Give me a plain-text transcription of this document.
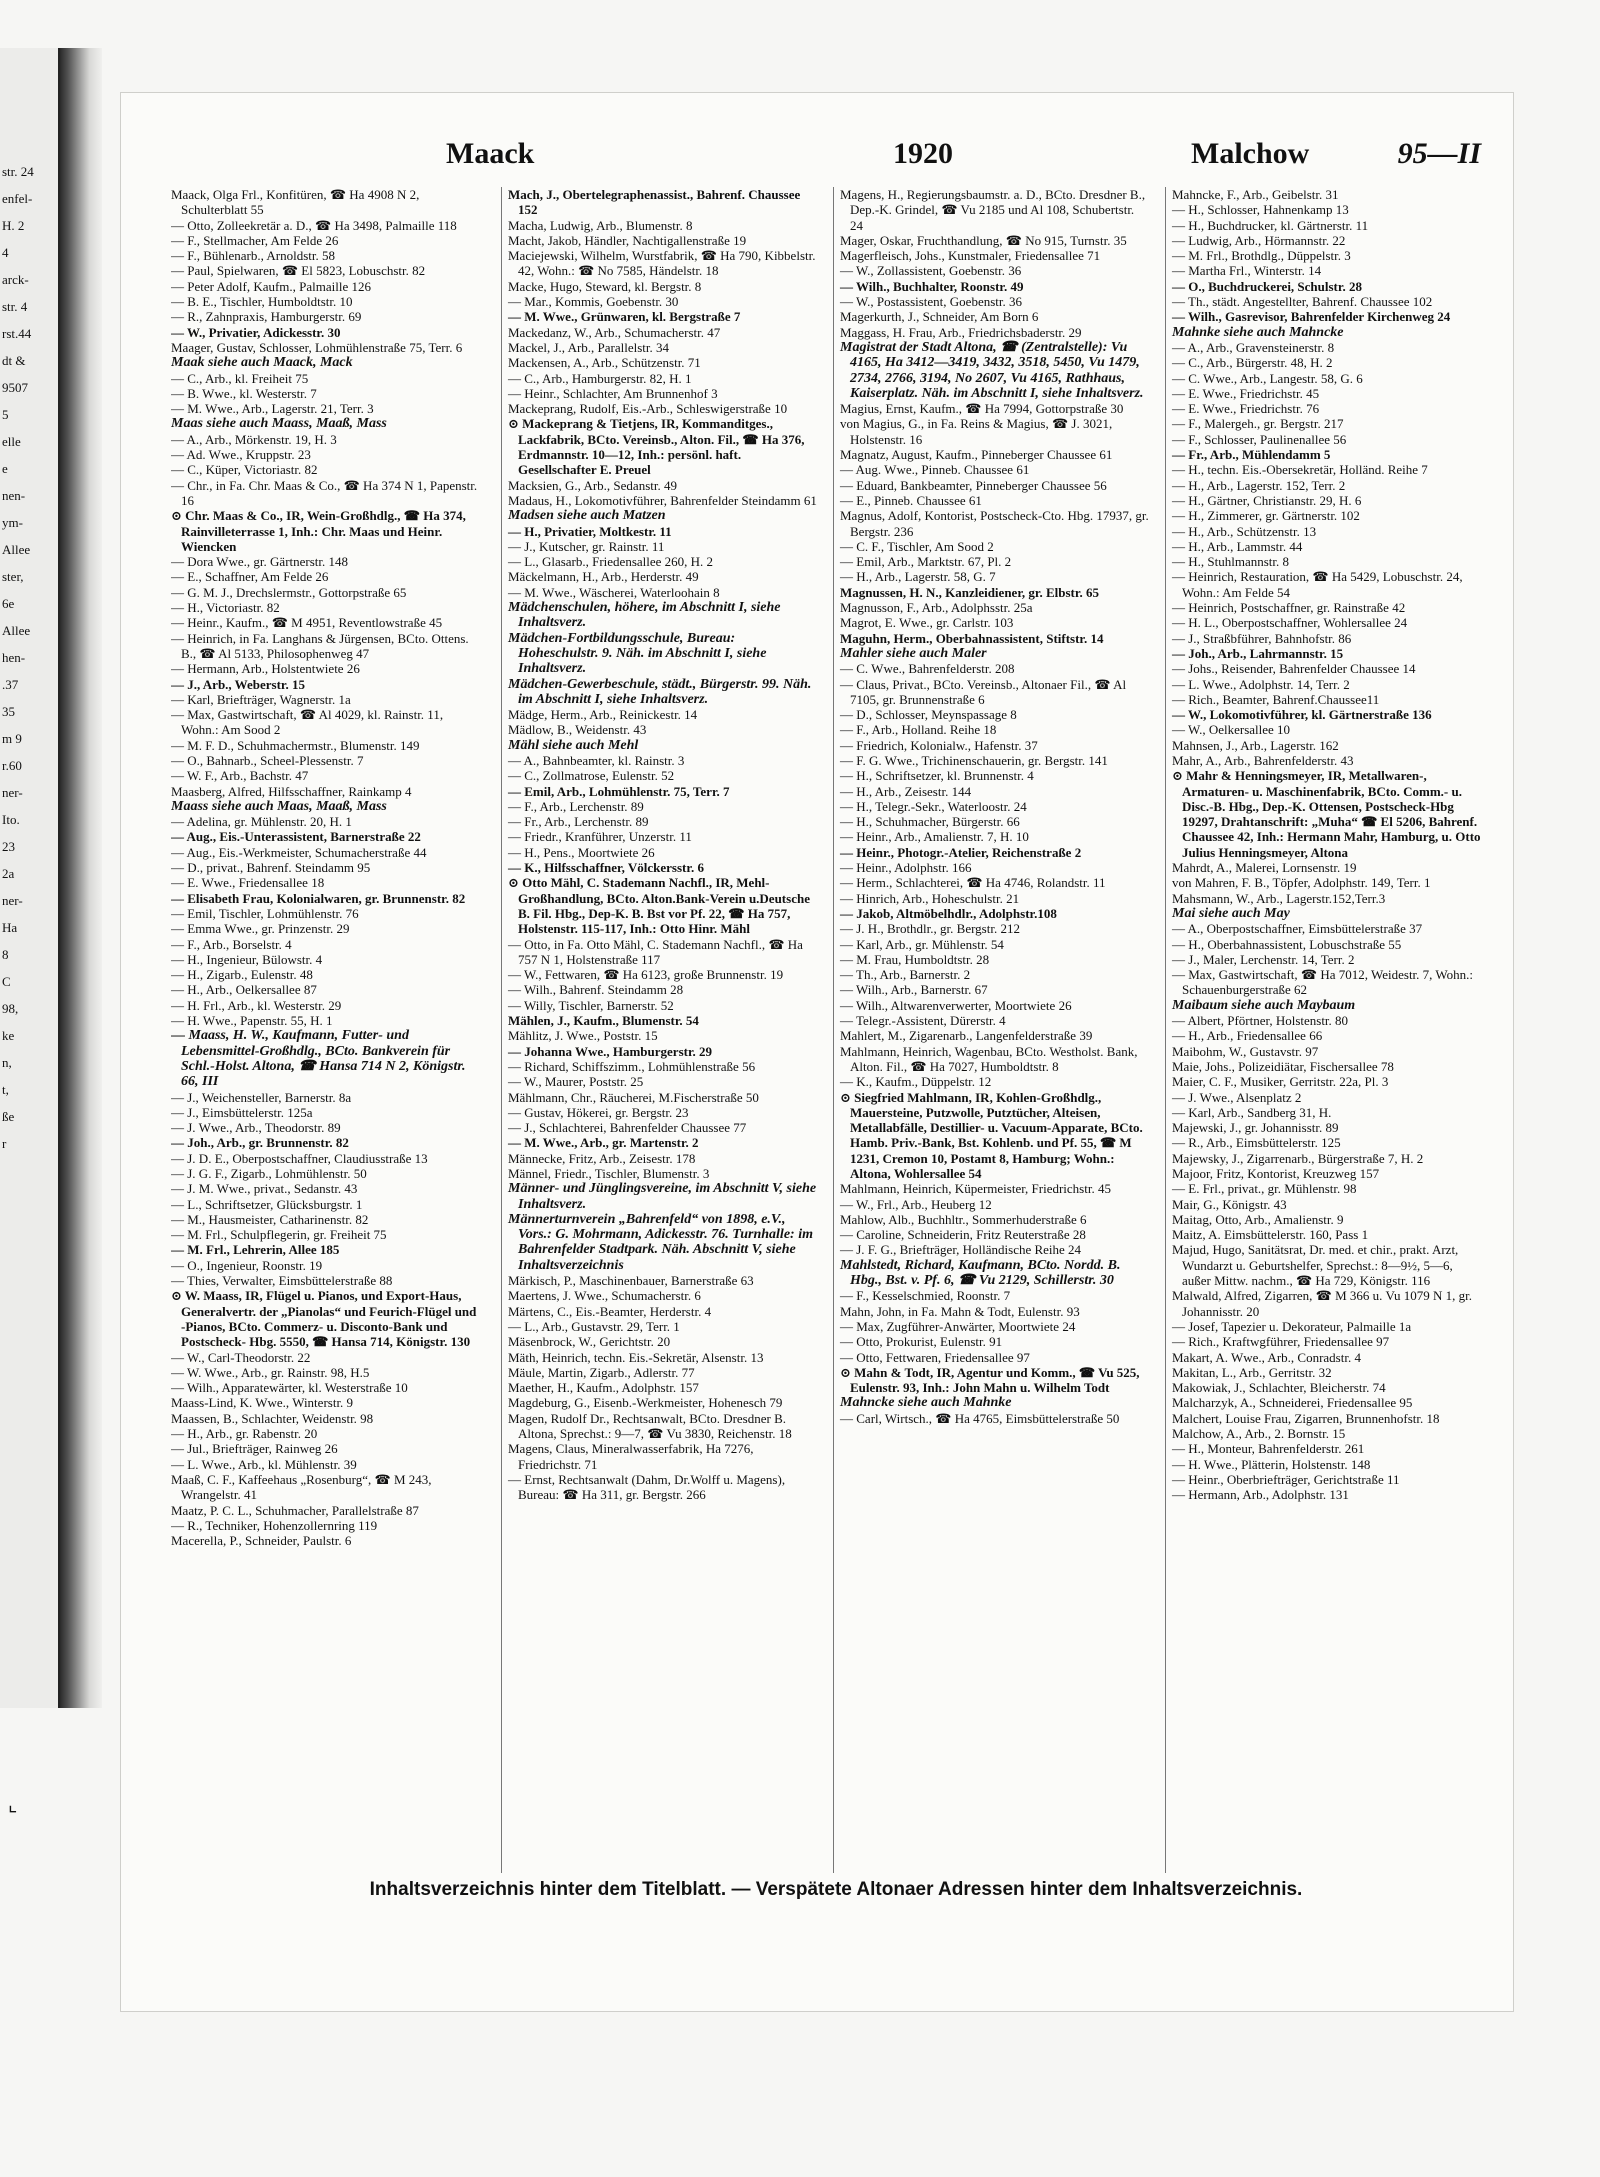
str. 24
enfel-
H. 2
4
arck-
str. 4
rst.44
dt &
9507
5
elle
e
nen-
ym-
Allee
ster,
6e
Allee
hen-
.37
35
m 9
r.60
ner-
Ito.
23
2a
ner-
Ha
8
C
98,
ke
n,
t,
ße
r
Maack	1920	Malchow	95—II

Maack, Olga Frl., Konfitüren, ☎ Ha 4908 N 2, Schulterblatt 55

— Otto, Zolleekretär a. D., ☎ Ha 3498, Palmaille 118

— F., Stellmacher, Am Felde 26

— F., Bühlenarb., Arnoldstr. 58

— Paul, Spielwaren, ☎ El 5823, Lobuschstr. 82

— Peter Adolf, Kaufm., Palmaille 126

— B. E., Tischler, Humboldtstr. 10

— R., Zahnpraxis, Hamburgerstr. 69

— W., Privatier, Adickesstr. 30

Maager, Gustav, Schlosser, Lohmühlenstraße 75, Terr. 6

Maak siehe auch Maack, Mack

— C., Arb., kl. Freiheit 75

— B. Wwe., kl. Westerstr. 7

— M. Wwe., Arb., Lagerstr. 21, Terr. 3

Maas siehe auch Maass, Maaß, Mass

— A., Arb., Mörkenstr. 19, H. 3

— Ad. Wwe., Kruppstr. 23

— C., Küper, Victoriastr. 82

— Chr., in Fa. Chr. Maas & Co., ☎ Ha 374 N 1, Papenstr. 16

⊙ Chr. Maas & Co., IR, Wein-Großhdlg., ☎ Ha 374, Rainvilleterrasse 1, Inh.: Chr. Maas und Heinr. Wiencken

— Dora Wwe., gr. Gärtnerstr. 148

— E., Schaffner, Am Felde 26

— G. M. J., Drechslermstr., Gottorpstraße 65

— H., Victoriastr. 82

— Heinr., Kaufm., ☎ M 4951, Reventlowstraße 45

— Heinrich, in Fa. Langhans & Jürgensen, BCto. Ottens. B., ☎ Al 5133, Philosophenweg 47

— Hermann, Arb., Holstentwiete 26

— J., Arb., Weberstr. 15

— Karl, Briefträger, Wagnerstr. 1a

— Max, Gastwirtschaft, ☎ Al 4029, kl. Rainstr. 11, Wohn.: Am Sood 2

— M. F. D., Schuhmachermstr., Blumenstr. 149

— O., Bahnarb., Scheel-Plessenstr. 7

— W. F., Arb., Bachstr. 47

Maasberg, Alfred, Hilfsschaffner, Rainkamp 4

Maass siehe auch Maas, Maaß, Mass

— Adelina, gr. Mühlenstr. 20, H. 1

— Aug., Eis.-Unterassistent, Barnerstraße 22

— Aug., Eis.-Werkmeister, Schumacherstraße 44

— D., privat., Bahrenf. Steindamm 95

— E. Wwe., Friedensallee 18

— Elisabeth Frau, Kolonialwaren, gr. Brunnenstr. 82

— Emil, Tischler, Lohmühlenstr. 76

— Emma Wwe., gr. Prinzenstr. 29

— F., Arb., Borselstr. 4

— H., Ingenieur, Bülowstr. 4

— H., Zigarb., Eulenstr. 48

— H., Arb., Oelkersallee 87

— H. Frl., Arb., kl. Westerstr. 29

— H. Wwe., Papenstr. 55, H. 1

— Maass, H. W., Kaufmann, Futter- und Lebensmittel-Großhdlg., BCto. Bankverein für Schl.-Holst. Altona, ☎ Hansa 714 N 2, Königstr. 66, III

— J., Weichensteller, Barnerstr. 8a

— J., Eimsbüttelerstr. 125a

— J. Wwe., Arb., Theodorstr. 89

— Joh., Arb., gr. Brunnenstr. 82

— J. D. E., Oberpostschaffner, Claudiusstraße 13

— J. G. F., Zigarb., Lohmühlenstr. 50

— J. M. Wwe., privat., Sedanstr. 43

— L., Schriftsetzer, Glücksburgstr. 1

— M., Hausmeister, Catharinenstr. 82

— M. Frl., Schulpflegerin, gr. Freiheit 75

— M. Frl., Lehrerin, Allee 185

— O., Ingenieur, Roonstr. 19

— Thies, Verwalter, Eimsbüttelerstraße 88

⊙ W. Maass, IR, Flügel u. Pianos, und Export-Haus, Generalvertr. der „Pianolas“ und Feurich-Flügel und -Pianos, BCto. Commerz- u. Disconto-Bank und Postscheck- Hbg. 5550, ☎ Hansa 714, Königstr. 130

— W., Carl-Theodorstr. 22

— W. Wwe., Arb., gr. Rainstr. 98, H.5

— Wilh., Apparatewärter, kl. Westerstraße 10

Maass-Lind, K. Wwe., Winterstr. 9

Maassen, B., Schlachter, Weidenstr. 98

— H., Arb., gr. Rabenstr. 20

— Jul., Briefträger, Rainweg 26

— L. Wwe., Arb., kl. Mühlenstr. 39

Maaß, C. F., Kaffeehaus „Rosenburg“, ☎ M 243, Wrangelstr. 41

Maatz, P. C. L., Schuhmacher, Parallelstraße 87

— R., Techniker, Hohenzollernring 119

Macerella, P., Schneider, Paulstr. 6

Mach, J., Obertelegraphenassist., Bahrenf. Chaussee 152

Macha, Ludwig, Arb., Blumenstr. 8

Macht, Jakob, Händler, Nachtigallenstraße 19

Maciejewski, Wilhelm, Wurstfabrik, ☎ Ha 790, Kibbelstr. 42, Wohn.: ☎ No 7585, Händelstr. 18

Macke, Hugo, Steward, kl. Bergstr. 8

— Mar., Kommis, Goebenstr. 30

— M. Wwe., Grünwaren, kl. Bergstraße 7

Mackedanz, W., Arb., Schumacherstr. 47

Mackel, J., Arb., Parallelstr. 34

Mackensen, A., Arb., Schützenstr. 71

— C., Arb., Hamburgerstr. 82, H. 1

— Heinr., Schlachter, Am Brunnenhof 3

Mackeprang, Rudolf, Eis.-Arb., Schleswigerstraße 10

⊙ Mackeprang & Tietjens, IR, Kommanditges., Lackfabrik, BCto. Vereinsb., Alton. Fil., ☎ Ha 376, Erdmannstr. 10—12, Inh.: persönl. haft. Gesellschafter E. Preuel

Macksien, G., Arb., Sedanstr. 49

Madaus, H., Lokomotivführer, Bahrenfelder Steindamm 61

Madsen siehe auch Matzen

— H., Privatier, Moltkestr. 11

— J., Kutscher, gr. Rainstr. 11

— L., Glasarb., Friedensallee 260, H. 2

Mäckelmann, H., Arb., Herderstr. 49

— M. Wwe., Wäscherei, Waterloohain 8

Mädchenschulen, höhere, im Abschnitt I, siehe Inhaltsverz.

Mädchen-Fortbildungsschule, Bureau: Hoheschulstr. 9. Näh. im Abschnitt I, siehe Inhaltsverz.

Mädchen-Gewerbeschule, städt., Bürgerstr. 99. Näh. im Abschnitt I, siehe Inhaltsverz.

Mädge, Herm., Arb., Reinickestr. 14

Mädlow, B., Weidenstr. 43

Mähl siehe auch Mehl

— A., Bahnbeamter, kl. Rainstr. 3

— C., Zollmatrose, Eulenstr. 52

— Emil, Arb., Lohmühlenstr. 75, Terr. 7

— F., Arb., Lerchenstr. 89

— Fr., Arb., Lerchenstr. 89

— Friedr., Kranführer, Unzerstr. 11

— H., Pens., Moortwiete 26

— K., Hilfsschaffner, Völckersstr. 6

⊙ Otto Mähl, C. Stademann Nachfl., IR, Mehl-Großhandlung, BCto. Alton.Bank-Verein u.Deutsche B. Fil. Hbg., Dep-K. B. Bst vor Pf. 22, ☎ Ha 757, Holstenstr. 115-117, Inh.: Otto Hinr. Mähl

— Otto, in Fa. Otto Mähl, C. Stademann Nachfl., ☎ Ha 757 N 1, Holstenstraße 117

— W., Fettwaren, ☎ Ha 6123, große Brunnenstr. 19

— Wilh., Bahrenf. Steindamm 28

— Willy, Tischler, Barnerstr. 52

Mählen, J., Kaufm., Blumenstr. 54

Mählitz, J. Wwe., Poststr. 15

— Johanna Wwe., Hamburgerstr. 29

— Richard, Schiffszimm., Lohmühlenstraße 56

— W., Maurer, Poststr. 25

Mählmann, Chr., Räucherei, M.Fischerstraße 50

— Gustav, Hökerei, gr. Bergstr. 23

— J., Schlachterei, Bahrenfelder Chaussee 77

— M. Wwe., Arb., gr. Martenstr. 2

Männecke, Fritz, Arb., Zeisestr. 178

Männel, Friedr., Tischler, Blumenstr. 3

Männer- und Jünglingsvereine, im Abschnitt V, siehe Inhaltsverz.

Männerturnverein „Bahrenfeld“ von 1898, e.V., Vors.: G. Mohrmann, Adickesstr. 76. Turnhalle: im Bahrenfelder Stadtpark. Näh. Abschnitt V, siehe Inhaltsverzeichnis

Märkisch, P., Maschinenbauer, Barnerstraße 63

Maertens, J. Wwe., Schumacherstr. 6

Märtens, C., Eis.-Beamter, Herderstr. 4

— L., Arb., Gustavstr. 29, Terr. 1

Mäsenbrock, W., Gerichtstr. 20

Mäth, Heinrich, techn. Eis.-Sekretär, Alsenstr. 13

Mäule, Martin, Zigarb., Adlerstr. 77

Maether, H., Kaufm., Adolphstr. 157

Magdeburg, G., Eisenb.-Werkmeister, Hohenesch 79

Magen, Rudolf Dr., Rechtsanwalt, BCto. Dresdner B. Altona, Sprechst.: 9—7, ☎ Vu 3830, Reichenstr. 18

Magens, Claus, Mineralwasserfabrik, Ha 7276, Friedrichstr. 71

— Ernst, Rechtsanwalt (Dahm, Dr.Wolff u. Magens), Bureau: ☎ Ha 311, gr. Bergstr. 266

Magens, H., Regierungsbaumstr. a. D., BCto. Dresdner B., Dep.-K. Grindel, ☎ Vu 2185 und Al 108, Schubertstr. 24

Mager, Oskar, Fruchthandlung, ☎ No 915, Turnstr. 35

Magerfleisch, Johs., Kunstmaler, Friedensallee 71

— W., Zollassistent, Goebenstr. 36

— Wilh., Buchhalter, Roonstr. 49

— W., Postassistent, Goebenstr. 36

Magerkurth, J., Schneider, Am Born 6

Maggass, H. Frau, Arb., Friedrichsbaderstr. 29

Magistrat der Stadt Altona, ☎ (Zentralstelle): Vu 4165, Ha 3412—3419, 3432, 3518, 5450, Vu 1479, 2734, 2766, 3194, No 2607, Vu 4165, Rathhaus, Kaiserplatz. Näh. im Abschnitt I, siehe Inhaltsverz.

Magius, Ernst, Kaufm., ☎ Ha 7994, Gottorpstraße 30

von Magius, G., in Fa. Reins & Magius, ☎ J. 3021, Holstenstr. 16

Magnatz, August, Kaufm., Pinneberger Chaussee 61

— Aug. Wwe., Pinneb. Chaussee 61

— Eduard, Bankbeamter, Pinneberger Chaussee 56

— E., Pinneb. Chaussee 61

Magnus, Adolf, Kontorist, Postscheck-Cto. Hbg. 17937, gr. Bergstr. 236

— C. F., Tischler, Am Sood 2

— Emil, Arb., Marktstr. 67, Pl. 2

— H., Arb., Lagerstr. 58, G. 7

Magnussen, H. N., Kanzleidiener, gr. Elbstr. 65

Magnusson, F., Arb., Adolphsstr. 25a

Magrot, E. Wwe., gr. Carlstr. 103

Maguhn, Herm., Oberbahnassistent, Stiftstr. 14

Mahler siehe auch Maler

— C. Wwe., Bahrenfelderstr. 208

— Claus, Privat., BCto. Vereinsb., Altonaer Fil., ☎ Al 7105, gr. Brunnenstraße 6

— D., Schlosser, Meynspassage 8

— F., Arb., Holland. Reihe 18

— Friedrich, Kolonialw., Hafenstr. 37

— F. G. Wwe., Trichinenschauerin, gr. Bergstr. 141

— H., Schriftsetzer, kl. Brunnenstr. 4

— H., Arb., Zeisestr. 144

— H., Telegr.-Sekr., Waterloostr. 24

— H., Schuhmacher, Bürgerstr. 66

— Heinr., Arb., Amalienstr. 7, H. 10

— Heinr., Photogr.-Atelier, Reichenstraße 2

— Heinr., Adolphstr. 166

— Herm., Schlachterei, ☎ Ha 4746, Rolandstr. 11

— Hinrich, Arb., Hoheschulstr. 21

— Jakob, Altmöbelhdlr., Adolphstr.108

— J. H., Brothdlr., gr. Bergstr. 212

— Karl, Arb., gr. Mühlenstr. 54

— M. Frau, Humboldtstr. 28

— Th., Arb., Barnerstr. 2

— Wilh., Arb., Barnerstr. 67

— Wilh., Altwarenverwerter, Moortwiete 26

— Telegr.-Assistent, Dürerstr. 4

Mahlert, M., Zigarenarb., Langenfelderstraße 39

Mahlmann, Heinrich, Wagenbau, BCto. Westholst. Bank, Alton. Fil., ☎ Ha 7027, Humboldtstr. 8

— K., Kaufm., Düppelstr. 12

⊙ Siegfried Mahlmann, IR, Kohlen-Großhdlg., Mauersteine, Putzwolle, Putztücher, Alteisen, Metallabfälle, Destillier- u. Vacuum-Apparate, BCto. Hamb. Priv.-Bank, Bst. Kohlenb. und Pf. 55, ☎ M 1231, Cremon 10, Postamt 8, Hamburg; Wohn.: Altona, Wohlersallee 54

Mahlmann, Heinrich, Küpermeister, Friedrichstr. 45

— W., Frl., Arb., Heuberg 12

Mahlow, Alb., Buchhltr., Sommerhuderstraße 6

— Caroline, Schneiderin, Fritz Reuterstraße 28

— J. F. G., Briefträger, Holländische Reihe 24

Mahlstedt, Richard, Kaufmann, BCto. Nordd. B. Hbg., Bst. v. Pf. 6, ☎ Vu 2129, Schillerstr. 30

— F., Kesselschmied, Roonstr. 7

Mahn, John, in Fa. Mahn & Todt, Eulenstr. 93

— Max, Zugführer-Anwärter, Moortwiete 24

— Otto, Prokurist, Eulenstr. 91

— Otto, Fettwaren, Friedensallee 97

⊙ Mahn & Todt, IR, Agentur und Komm., ☎ Vu 525, Eulenstr. 93, Inh.: John Mahn u. Wilhelm Todt

Mahncke siehe auch Mahnke

— Carl, Wirtsch., ☎ Ha 4765, Eimsbüttelerstraße 50

Mahncke, F., Arb., Geibelstr. 31

— H., Schlosser, Hahnenkamp 13

— H., Buchdrucker, kl. Gärtnerstr. 11

— Ludwig, Arb., Hörmannstr. 22

— M. Frl., Brothdlg., Düppelstr. 3

— Martha Frl., Winterstr. 14

— O., Buchdruckerei, Schulstr. 28

— Th., städt. Angestellter, Bahrenf. Chaussee 102

— Wilh., Gasrevisor, Bahrenfelder Kirchenweg 24

Mahnke siehe auch Mahncke

— A., Arb., Gravensteinerstr. 8

— C., Arb., Bürgerstr. 48, H. 2

— C. Wwe., Arb., Langestr. 58, G. 6

— E. Wwe., Friedrichstr. 45

— E. Wwe., Friedrichstr. 76

— F., Malergeh., gr. Bergstr. 217

— F., Schlosser, Paulinenallee 56

— Fr., Arb., Mühlendamm 5

— H., techn. Eis.-Obersekretär, Holländ. Reihe 7

— H., Arb., Lagerstr. 152, Terr. 2

— H., Gärtner, Christianstr. 29, H. 6

— H., Zimmerer, gr. Gärtnerstr. 102

— H., Arb., Schützenstr. 13

— H., Arb., Lammstr. 44

— H., Stuhlmannstr. 8

— Heinrich, Restauration, ☎ Ha 5429, Lobuschstr. 24, Wohn.: Am Felde 54

— Heinrich, Postschaffner, gr. Rainstraße 42

— H. L., Oberpostschaffner, Wohlersallee 24

— J., Straßbführer, Bahnhofstr. 86

— Joh., Arb., Lahrmannstr. 15

— Johs., Reisender, Bahrenfelder Chaussee 14

— L. Wwe., Adolphstr. 14, Terr. 2

— Rich., Beamter, Bahrenf.Chaussee11

— W., Lokomotivführer, kl. Gärtnerstraße 136

— W., Oelkersallee 10

Mahnsen, J., Arb., Lagerstr. 162

Mahr, A., Arb., Bahrenfelderstr. 43

⊙ Mahr & Henningsmeyer, IR, Metallwaren-, Armaturen- u. Maschinenfabrik, BCto. Comm.- u. Disc.-B. Hbg., Dep.-K. Ottensen, Postscheck-Hbg 19297, Drahtanschrift: „Muha“ ☎ El 5206, Bahrenf. Chaussee 42, Inh.: Hermann Mahr, Hamburg, u. Otto Julius Henningsmeyer, Altona

Mahrdt, A., Malerei, Lornsenstr. 19

von Mahren, F. B., Töpfer, Adolphstr. 149, Terr. 1

Mahsmann, W., Arb., Lagerstr.152,Terr.3

Mai siehe auch May

— A., Oberpostschaffner, Eimsbüttelerstraße 37

— H., Oberbahnassistent, Lobuschstraße 55

— J., Maler, Lerchenstr. 14, Terr. 2

— Max, Gastwirtschaft, ☎ Ha 7012, Weidestr. 7, Wohn.: Schauenburgerstraße 62

Maibaum siehe auch Maybaum

— Albert, Pförtner, Holstenstr. 80

— H., Arb., Friedensallee 66

Maibohm, W., Gustavstr. 97

Maie, Johs., Polizeidiätar, Fischersallee 78

Maier, C. F., Musiker, Gerritstr. 22a, Pl. 3

— J. Wwe., Alsenplatz 2

— Karl, Arb., Sandberg 31, H.

Majewski, J., gr. Johannisstr. 89

— R., Arb., Eimsbüttelerstr. 125

Majewsky, J., Zigarrenarb., Bürgerstraße 7, H. 2

Majoor, Fritz, Kontorist, Kreuzweg 157

— E. Frl., privat., gr. Mühlenstr. 98

Mair, G., Königstr. 43

Maitag, Otto, Arb., Amalienstr. 9

Maitz, A. Eimsbüttelerstr. 160, Pass 1

Majud, Hugo, Sanitätsrat, Dr. med. et chir., prakt. Arzt, Wundarzt u. Geburtshelfer, Sprechst.: 8—9½, 5—6, außer Mittw. nachm., ☎ Ha 729, Königstr. 116

Malwald, Alfred, Zigarren, ☎ M 366 u. Vu 1079 N 1, gr. Johannisstr. 20

— Josef, Tapezier u. Dekorateur, Palmaille 1a

— Rich., Kraftwgführer, Friedensallee 97

Makart, A. Wwe., Arb., Conradstr. 4

Makitan, L., Arb., Gerritstr. 32

Makowiak, J., Schlachter, Bleicherstr. 74

Malcharzyk, A., Schneiderei, Friedensallee 95

Malchert, Louise Frau, Zigarren, Brunnenhofstr. 18

Malchow, A., Arb., 2. Bornstr. 15

— H., Monteur, Bahrenfelderstr. 261

— H. Wwe., Plätterin, Holstenstr. 148

— Heinr., Oberbriefträger, Gerichtstraße 11

— Hermann, Arb., Adolphstr. 131

Inhaltsverzeichnis hinter dem Titelblatt. — Verspätete Altonaer Adressen hinter dem Inhaltsverzeichnis.
⌞
